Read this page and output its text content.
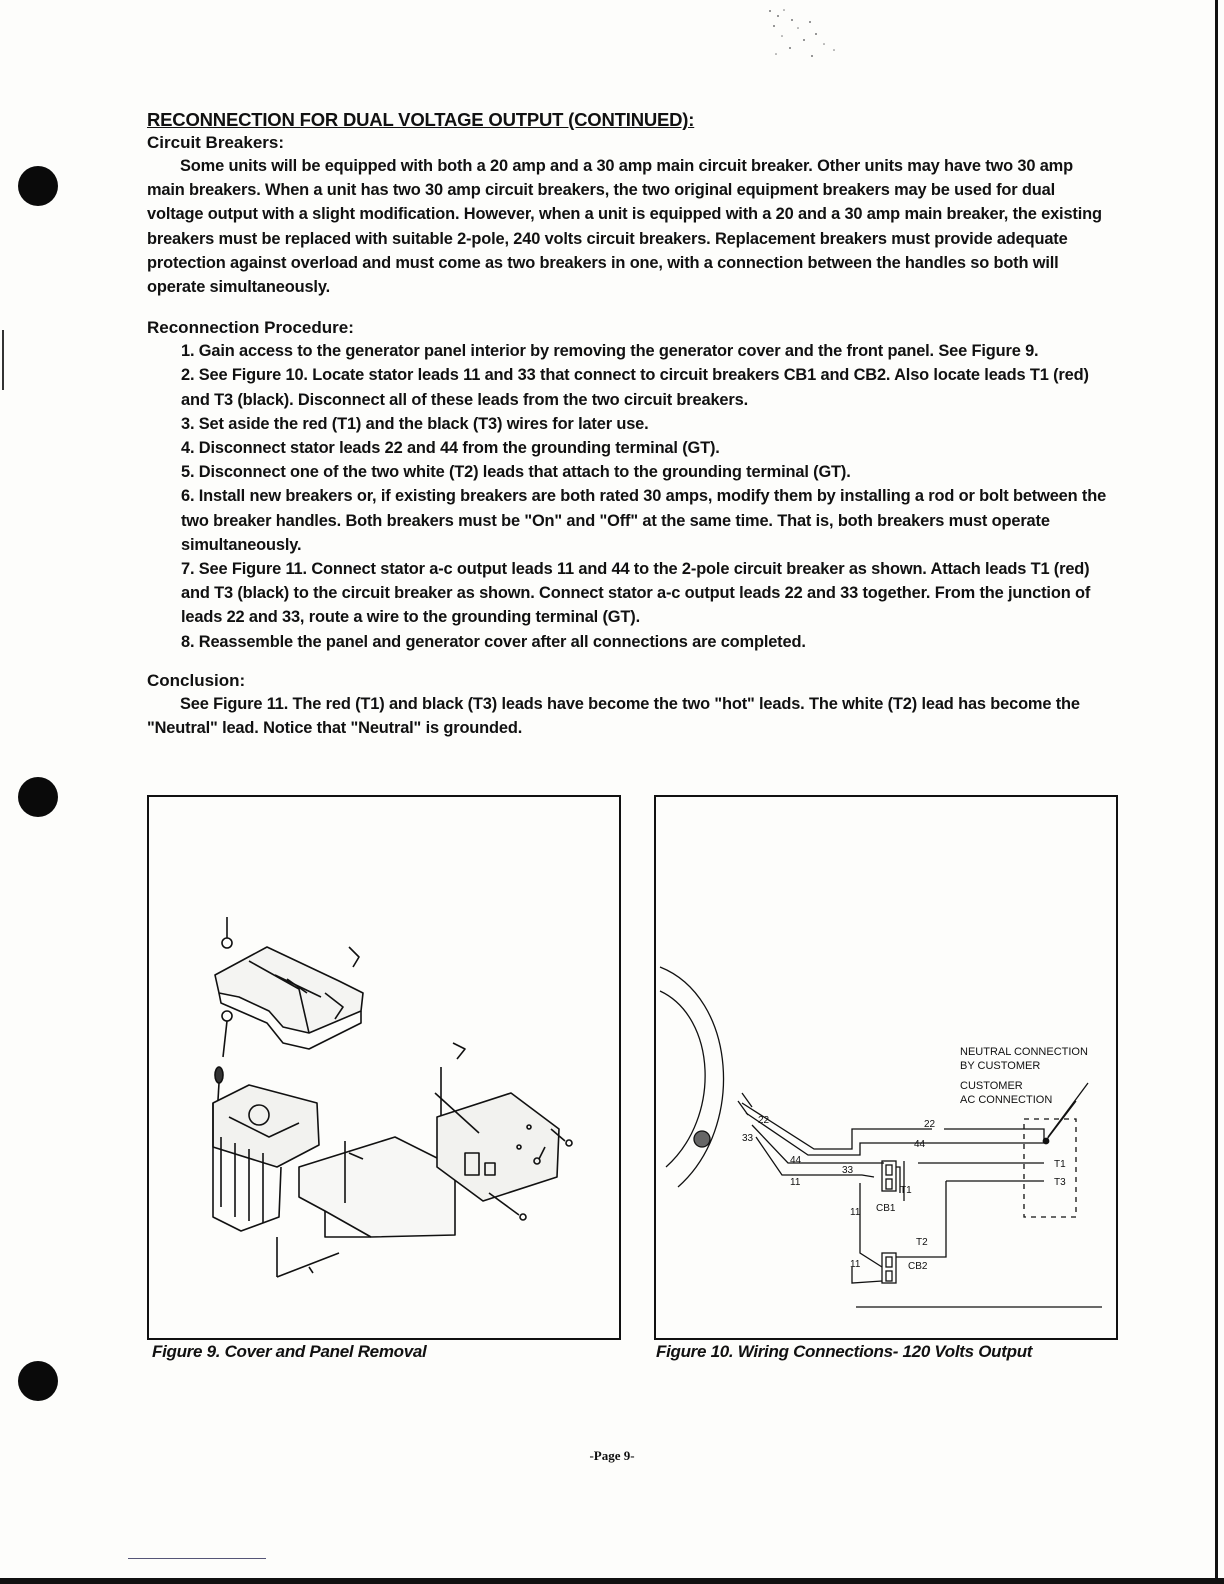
RECONNECTION FOR DUAL VOLTAGE OUTPUT (CONTINUED):
Circuit Breakers:

Some units will be equipped with both a 20 amp and a 30 amp main circuit breaker. Other units may have two 30 amp main breakers. When a unit has two 30 amp circuit breakers, the two original equipment breakers may be used for dual voltage output with a slight modification. However, when a unit is equipped with a 20 and a 30 amp main breaker, the existing breakers must be replaced with suitable 2-pole, 240 volts circuit breakers. Replacement breakers must provide adequate protection against overload and must come as two breakers in one, with a connection between the handles so both will operate simultaneously.

Reconnection Procedure:
1. Gain access to the generator panel interior by removing the generator cover and the front panel. See Figure 9.
2. See Figure 10. Locate stator leads 11 and 33 that connect to circuit breakers CB1 and CB2. Also locate leads T1 (red) and T3 (black). Disconnect all of these leads from the two circuit breakers.
3. Set aside the red (T1) and the black (T3) wires for later use.
4. Disconnect stator leads 22 and 44 from the grounding terminal (GT).
5. Disconnect one of the two white (T2) leads that attach to the grounding terminal (GT).
6. Install new breakers or, if existing breakers are both rated 30 amps, modify them by installing a rod or bolt between the two breaker handles. Both breakers must be "On" and "Off" at the same time. That is, both breakers must operate simultaneously.
7. See Figure 11. Connect stator a-c output leads 11 and 44 to the 2-pole circuit breaker as shown. Attach leads T1 (red) and T3 (black) to the circuit breaker as shown. Connect stator a-c output leads 22 and 33 together. From the junction of leads 22 and 33, route a wire to the grounding terminal (GT).
8. Reassemble the panel and generator cover after all connections are completed.
Conclusion:

See Figure 11. The red (T1) and black (T3) leads have become the two "hot" leads. The white (T2) lead has become the "Neutral" lead. Notice that "Neutral" is grounded.

Figure 9. Cover and Panel Removal
NEUTRAL CONNECTION
BY CUSTOMER
CUSTOMER
AC CONNECTION
22
44
22
33
44
33
11
11
11
CB1
CB2
T1
T2
T1
T3
Figure 10. Wiring Connections- 120 Volts Output
-Page 9-
